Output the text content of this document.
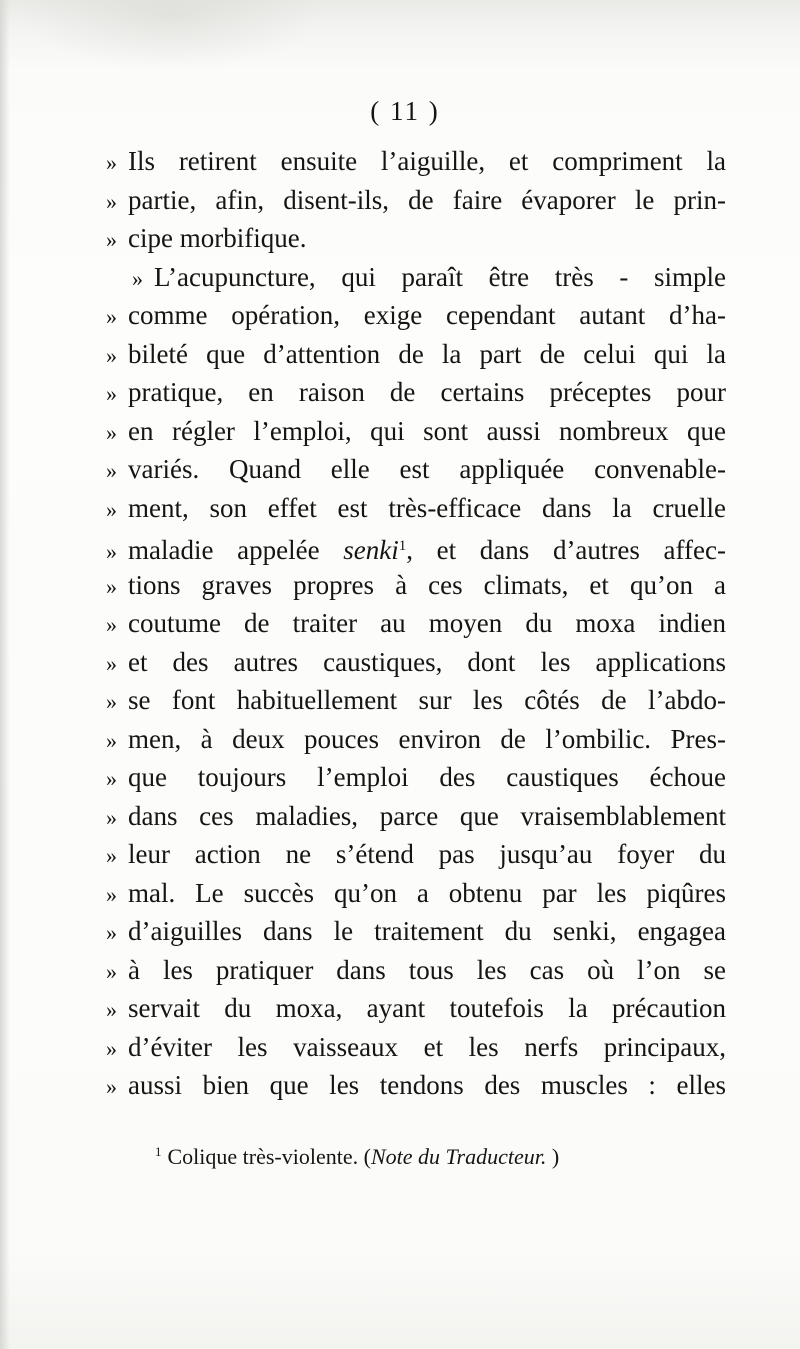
( 11 )
» Ils retirent ensuite l’aiguille, et compriment la
» partie, afin, disent-ils, de faire évaporer le prin-
» cipe morbifique.
» L’acupuncture, qui paraît être très - simple
» comme opération, exige cependant autant d’ha-
» bileté que d’attention de la part de celui qui la
» pratique, en raison de certains préceptes pour
» en régler l’emploi, qui sont aussi nombreux que
» variés. Quand elle est appliquée convenable-
» ment, son effet est très-efficace dans la cruelle
» maladie appelée senki$^1$, et dans d’autres affec-
» tions graves propres à ces climats, et qu’on a
» coutume de traiter au moyen du moxa indien
» et des autres caustiques, dont les applications
» se font habituellement sur les côtés de l’abdo-
» men, à deux pouces environ de l’ombilic. Pres-
» que toujours l’emploi des caustiques échoue
» dans ces maladies, parce que vraisemblablement
» leur action ne s’étend pas jusqu’au foyer du
» mal. Le succès qu’on a obtenu par les piqûres
» d’aiguilles dans le traitement du senki, engagea
» à les pratiquer dans tous les cas où l’on se
» servait du moxa, ayant toutefois la précaution
» d’éviter les vaisseaux et les nerfs principaux,
» aussi bien que les tendons des muscles : elles
$^1$ Colique très-violente. (Note du Traducteur. )
